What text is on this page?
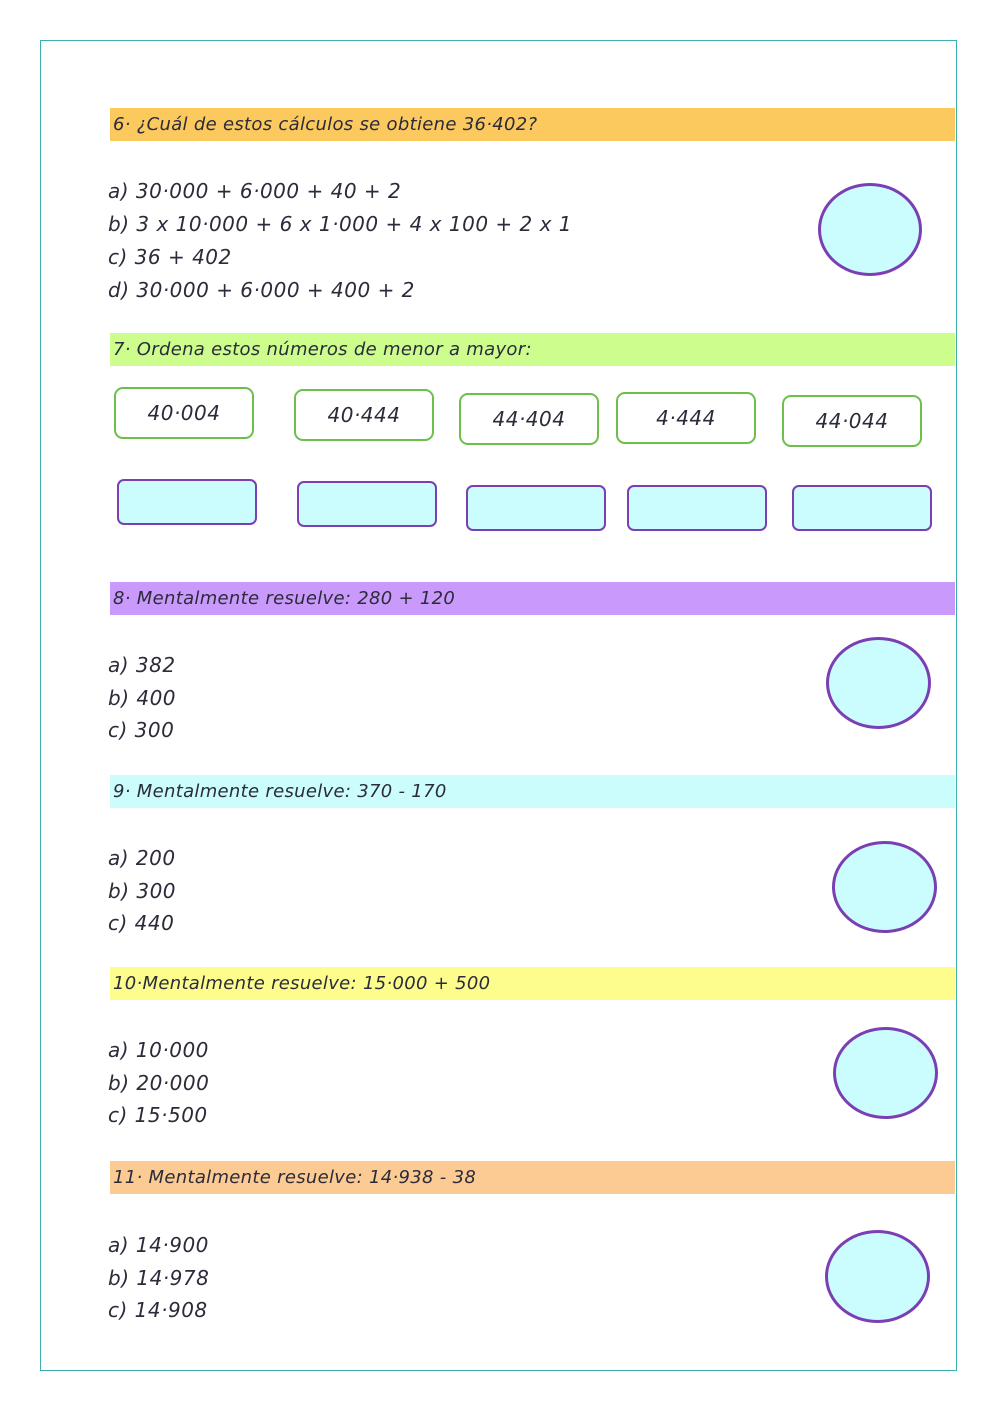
6· ¿Cuál de estos cálculos se obtiene 36·402?
a) 30·000 + 6·000 + 40 + 2
b) 3 x 10·000 + 6 x 1·000 + 4 x 100 + 2 x 1
c) 36 + 402
d) 30·000 + 6·000 + 400 + 2
7· Ordena estos números de menor a mayor:
40·004	40·444	44·404	4·444	44·044
8· Mentalmente resuelve: 280 + 120
a) 382
b) 400
c) 300
9· Mentalmente resuelve: 370 - 170
a) 200
b) 300
c) 440
10·Mentalmente resuelve: 15·000 + 500
a) 10·000
b) 20·000
c) 15·500
11· Mentalmente resuelve: 14·938 - 38
a) 14·900
b) 14·978
c) 14·908
